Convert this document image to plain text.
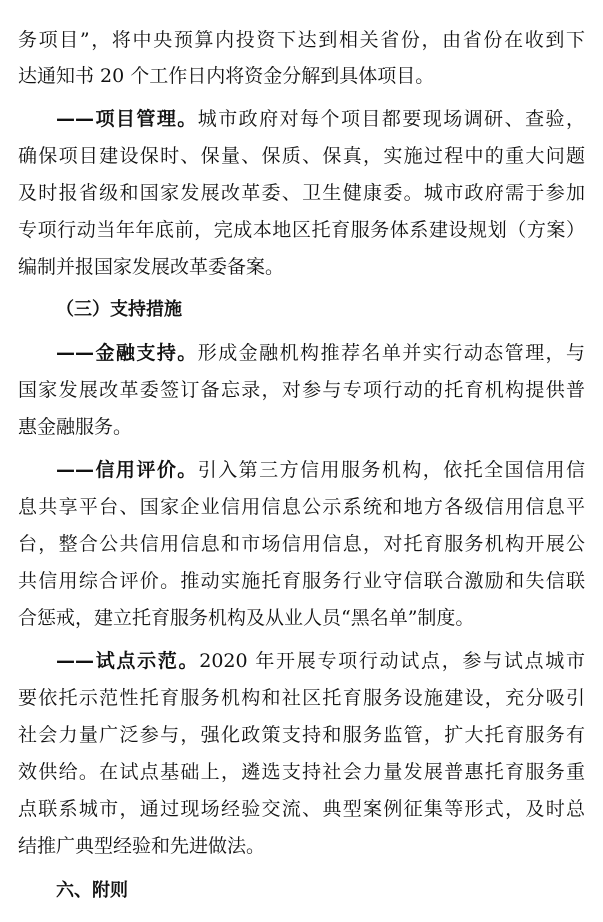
务项目”，将中央预算内投资下达到相关省份，由省份在收到下
达通知书 20 个工作日内将资金分解到具体项目。
——项目管理。城市政府对每个项目都要现场调研、查验，
确保项目建设保时、保量、保质、保真，实施过程中的重大问题
及时报省级和国家发展改革委、卫生健康委。城市政府需于参加
专项行动当年年底前，完成本地区托育服务体系建设规划（方案）
编制并报国家发展改革委备案。
（三）支持措施
——金融支持。形成金融机构推荐名单并实行动态管理，与
国家发展改革委签订备忘录，对参与专项行动的托育机构提供普
惠金融服务。
——信用评价。引入第三方信用服务机构，依托全国信用信
息共享平台、国家企业信用信息公示系统和地方各级信用信息平
台，整合公共信用信息和市场信用信息，对托育服务机构开展公
共信用综合评价。推动实施托育服务行业守信联合激励和失信联
合惩戒，建立托育服务机构及从业人员“黑名单”制度。
——试点示范。2020 年开展专项行动试点，参与试点城市
要依托示范性托育服务机构和社区托育服务设施建设，充分吸引
社会力量广泛参与，强化政策支持和服务监管，扩大托育服务有
效供给。在试点基础上，遴选支持社会力量发展普惠托育服务重
点联系城市，通过现场经验交流、典型案例征集等形式，及时总
结推广典型经验和先进做法。
六、附则
